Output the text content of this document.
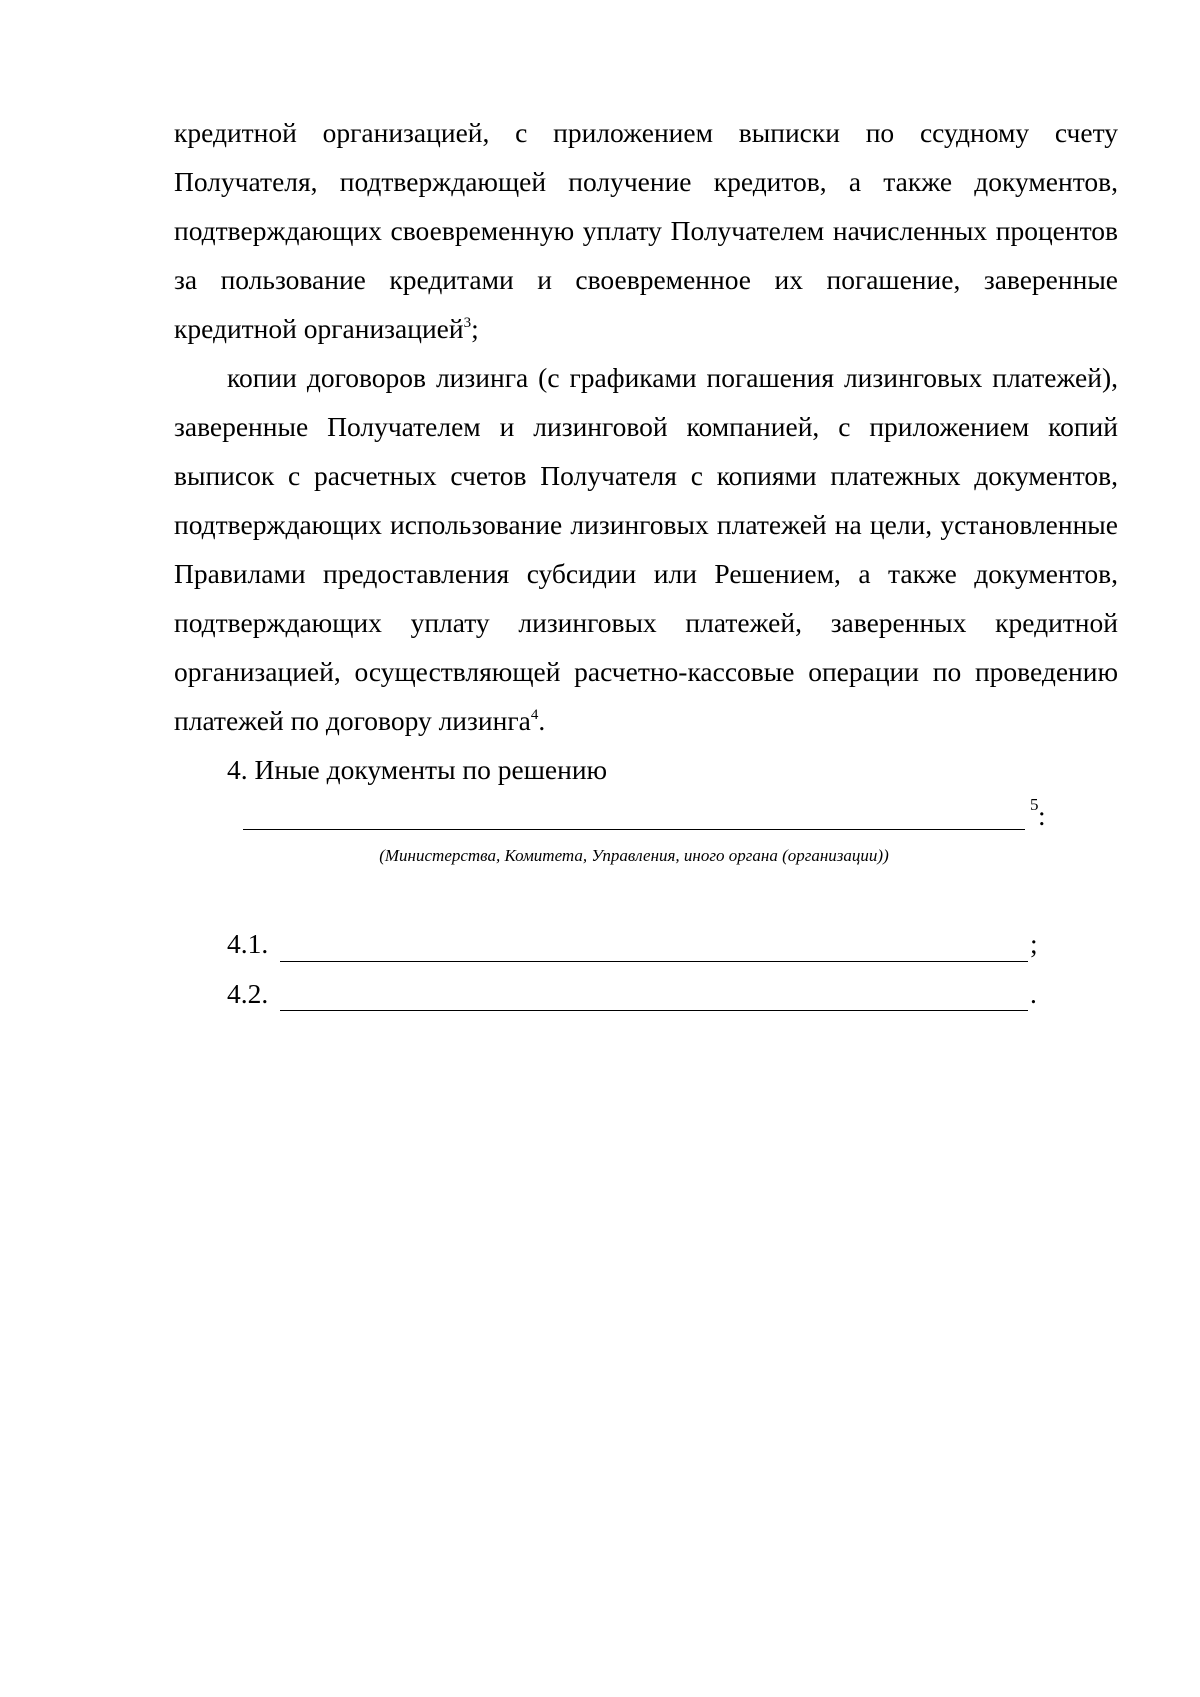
кредитной организацией, с приложением выписки по ссудному счету Получателя, подтверждающей получение кредитов, а также документов, подтверждающих своевременную уплату Получателем начисленных процентов за пользование кредитами и своевременное их погашение, заверенные кредитной организацией$^3$;

копии договоров лизинга (с графиками погашения лизинговых платежей), заверенные Получателем и лизинговой компанией, с приложением копий выписок с расчетных счетов Получателя с копиями платежных документов, подтверждающих использование лизинговых платежей на цели, установленные Правилами предоставления субсидии или Решением, а также документов, подтверждающих уплату лизинговых платежей, заверенных кредитной организацией, осуществляющей расчетно-кассовые операции по проведению платежей по договору лизинга$^4$.

4. Иные документы по решению

5 :
(Министерства, Комитета, Управления, иного органа (организации))
4.1.	;
4.2.	.
